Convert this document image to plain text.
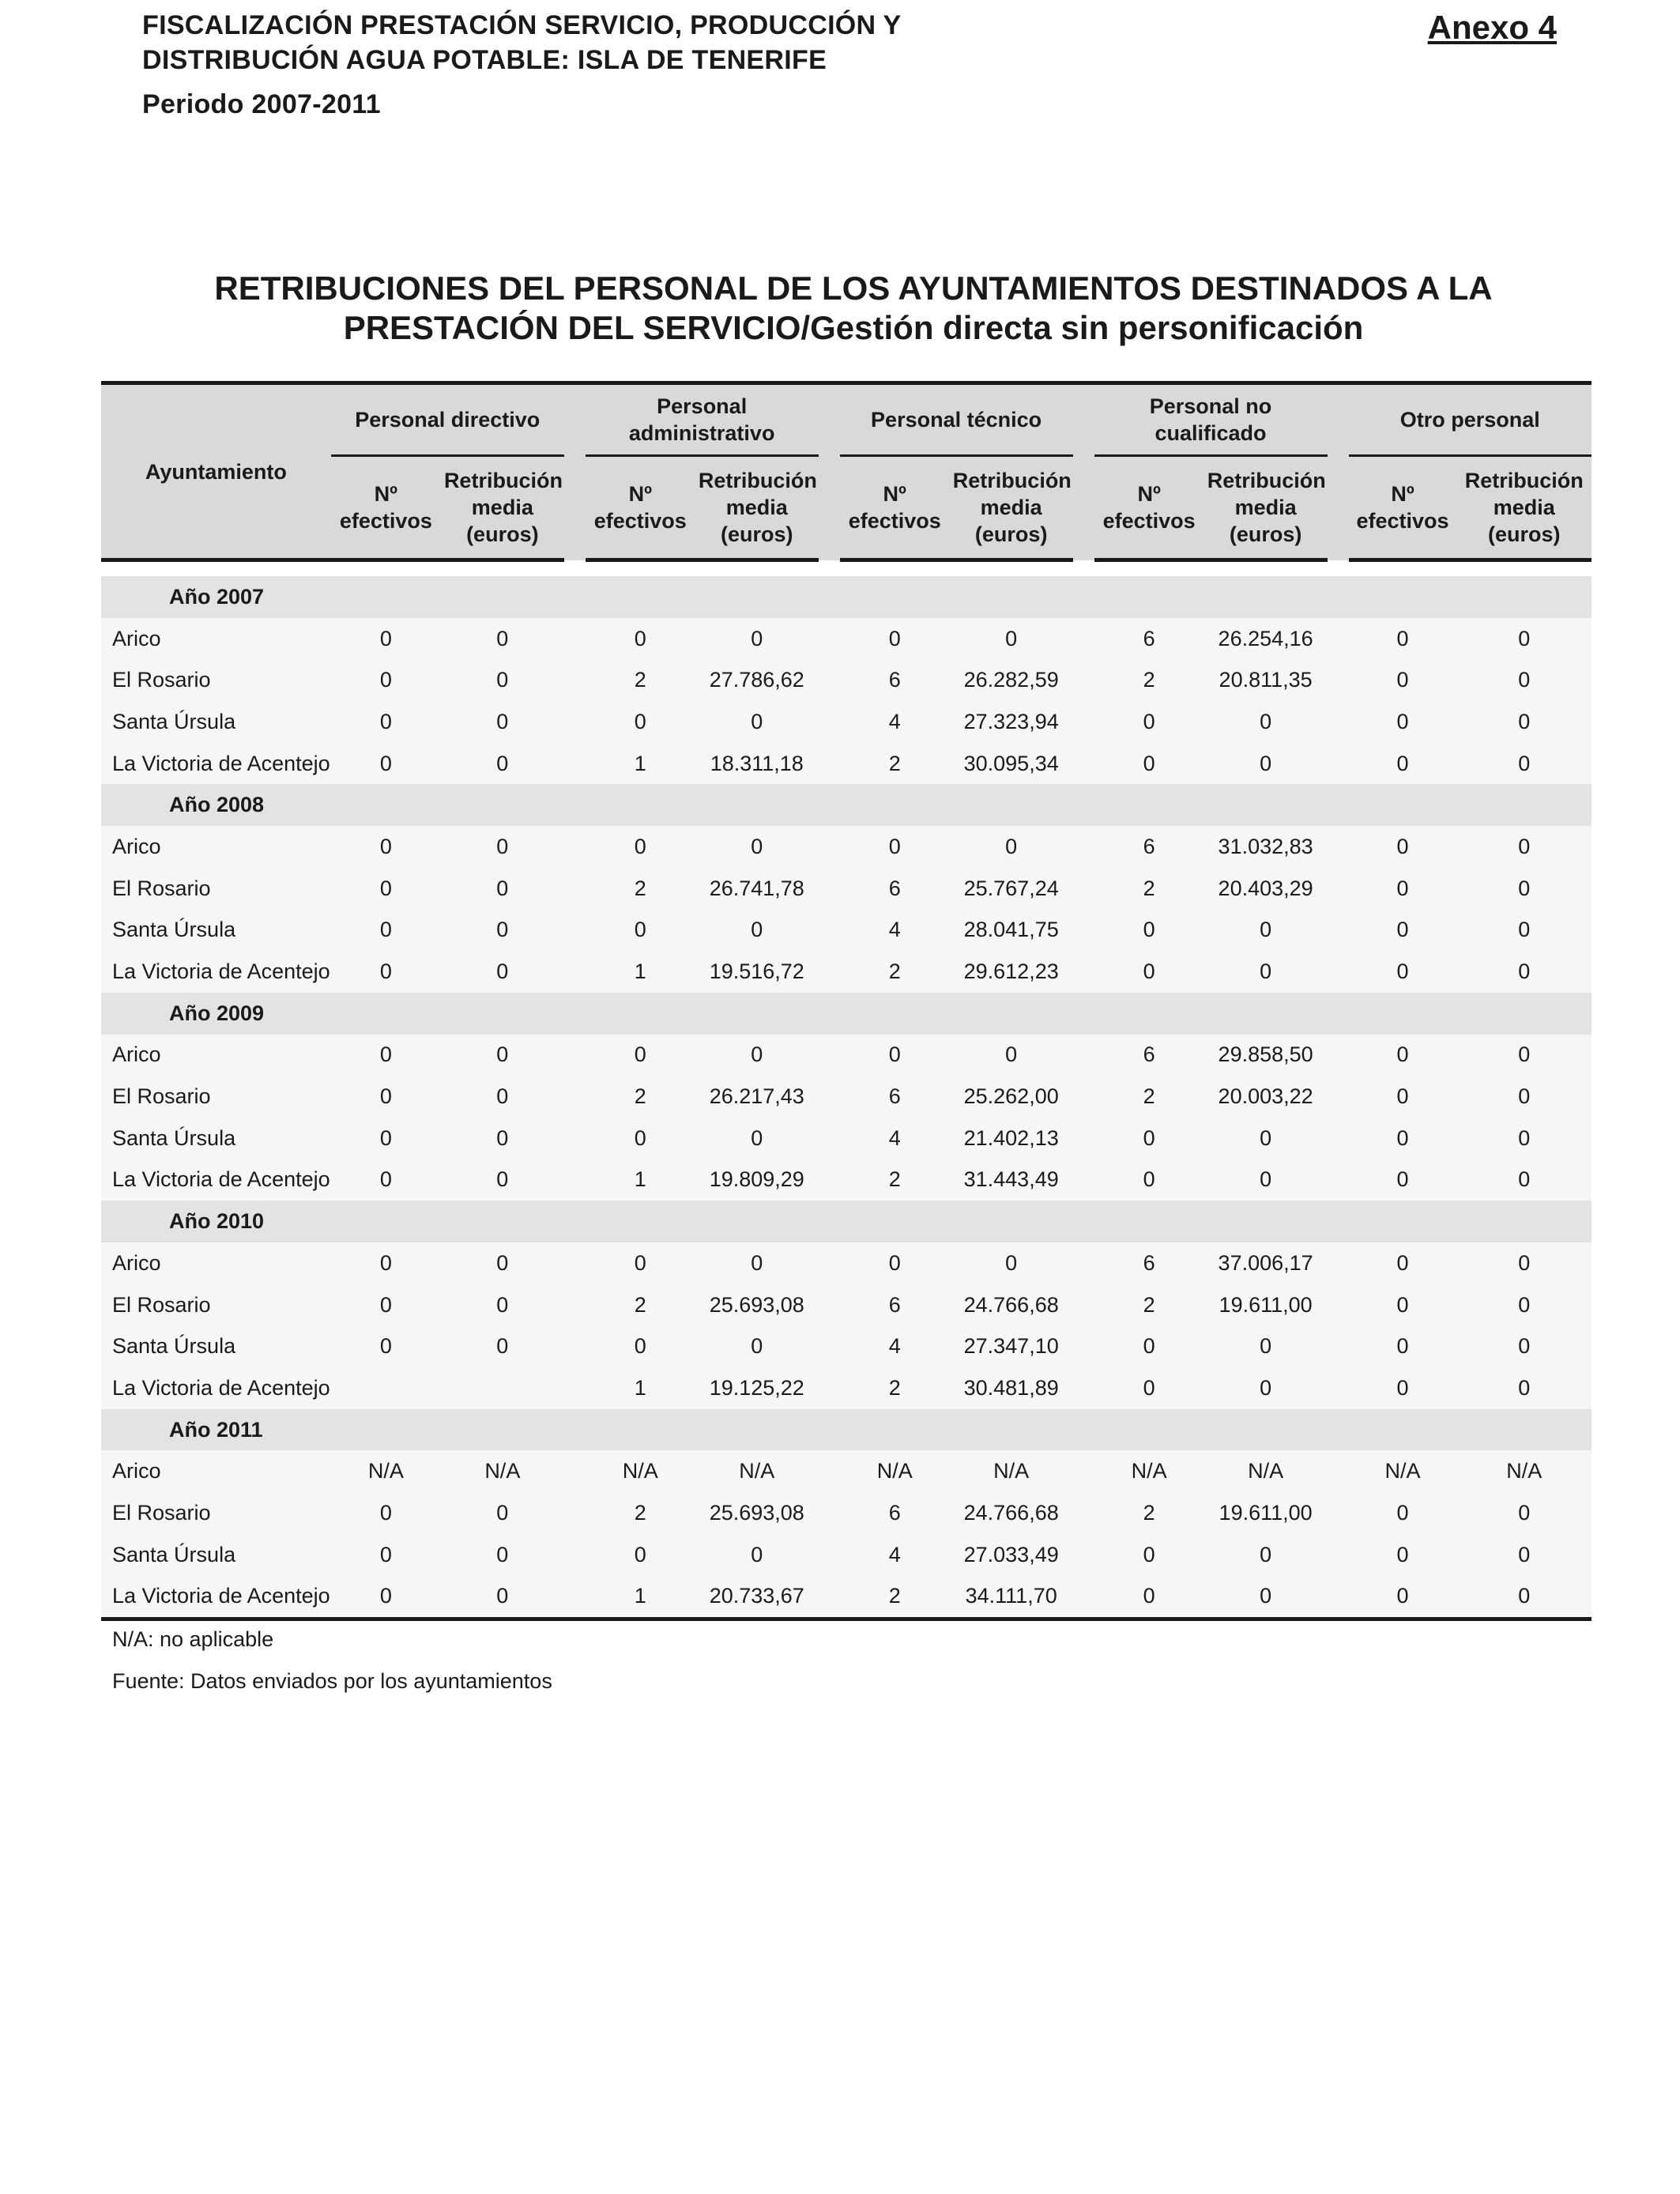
FISCALIZACIÓN PRESTACIÓN SERVICIO, PRODUCCIÓN Y
DISTRIBUCIÓN AGUA POTABLE: ISLA DE TENERIFE
Periodo 2007-2011
Anexo 4
RETRIBUCIONES DEL PERSONAL DE LOS AYUNTAMIENTOS DESTINADOS A LA
PRESTACIÓN DEL SERVICIO/Gestión directa sin personificación
Ayuntamiento	Personal directivo			Personal administrativo			Personal técnico			Personal no cualificado			Otro personal	
	Nº efectivos	Retribución media (euros)		Nº efectivos	Retribución media (euros)		Nº efectivos	Retribución media (euros)		Nº efectivos	Retribución media (euros)		Nº efectivos	Retribución media (euros)

Año 2007														
Arico	0	0		0	0		0	0		6	26.254,16		0	0
El Rosario	0	0		2	27.786,62		6	26.282,59		2	20.811,35		0	0
Santa Úrsula	0	0		0	0		4	27.323,94		0	0		0	0
La Victoria de Acentejo	0	0		1	18.311,18		2	30.095,34		0	0		0	0
Año 2008														
Arico	0	0		0	0		0	0		6	31.032,83		0	0
El Rosario	0	0		2	26.741,78		6	25.767,24		2	20.403,29		0	0
Santa Úrsula	0	0		0	0		4	28.041,75		0	0		0	0
La Victoria de Acentejo	0	0		1	19.516,72		2	29.612,23		0	0		0	0
Año 2009														
Arico	0	0		0	0		0	0		6	29.858,50		0	0
El Rosario	0	0		2	26.217,43		6	25.262,00		2	20.003,22		0	0
Santa Úrsula	0	0		0	0		4	21.402,13		0	0		0	0
La Victoria de Acentejo	0	0		1	19.809,29		2	31.443,49		0	0		0	0
Año 2010														
Arico	0	0		0	0		0	0		6	37.006,17		0	0
El Rosario	0	0		2	25.693,08		6	24.766,68		2	19.611,00		0	0
Santa Úrsula	0	0		0	0		4	27.347,10		0	0		0	0
La Victoria de Acentejo				1	19.125,22		2	30.481,89		0	0		0	0
Año 2011														
Arico	N/A	N/A		N/A	N/A		N/A	N/A		N/A	N/A		N/A	N/A
El Rosario	0	0		2	25.693,08		6	24.766,68		2	19.611,00		0	0
Santa Úrsula	0	0		0	0		4	27.033,49		0	0		0	0
La Victoria de Acentejo	0	0		1	20.733,67		2	34.111,70		0	0		0	0
N/A: no aplicable
Fuente: Datos enviados por los ayuntamientos
